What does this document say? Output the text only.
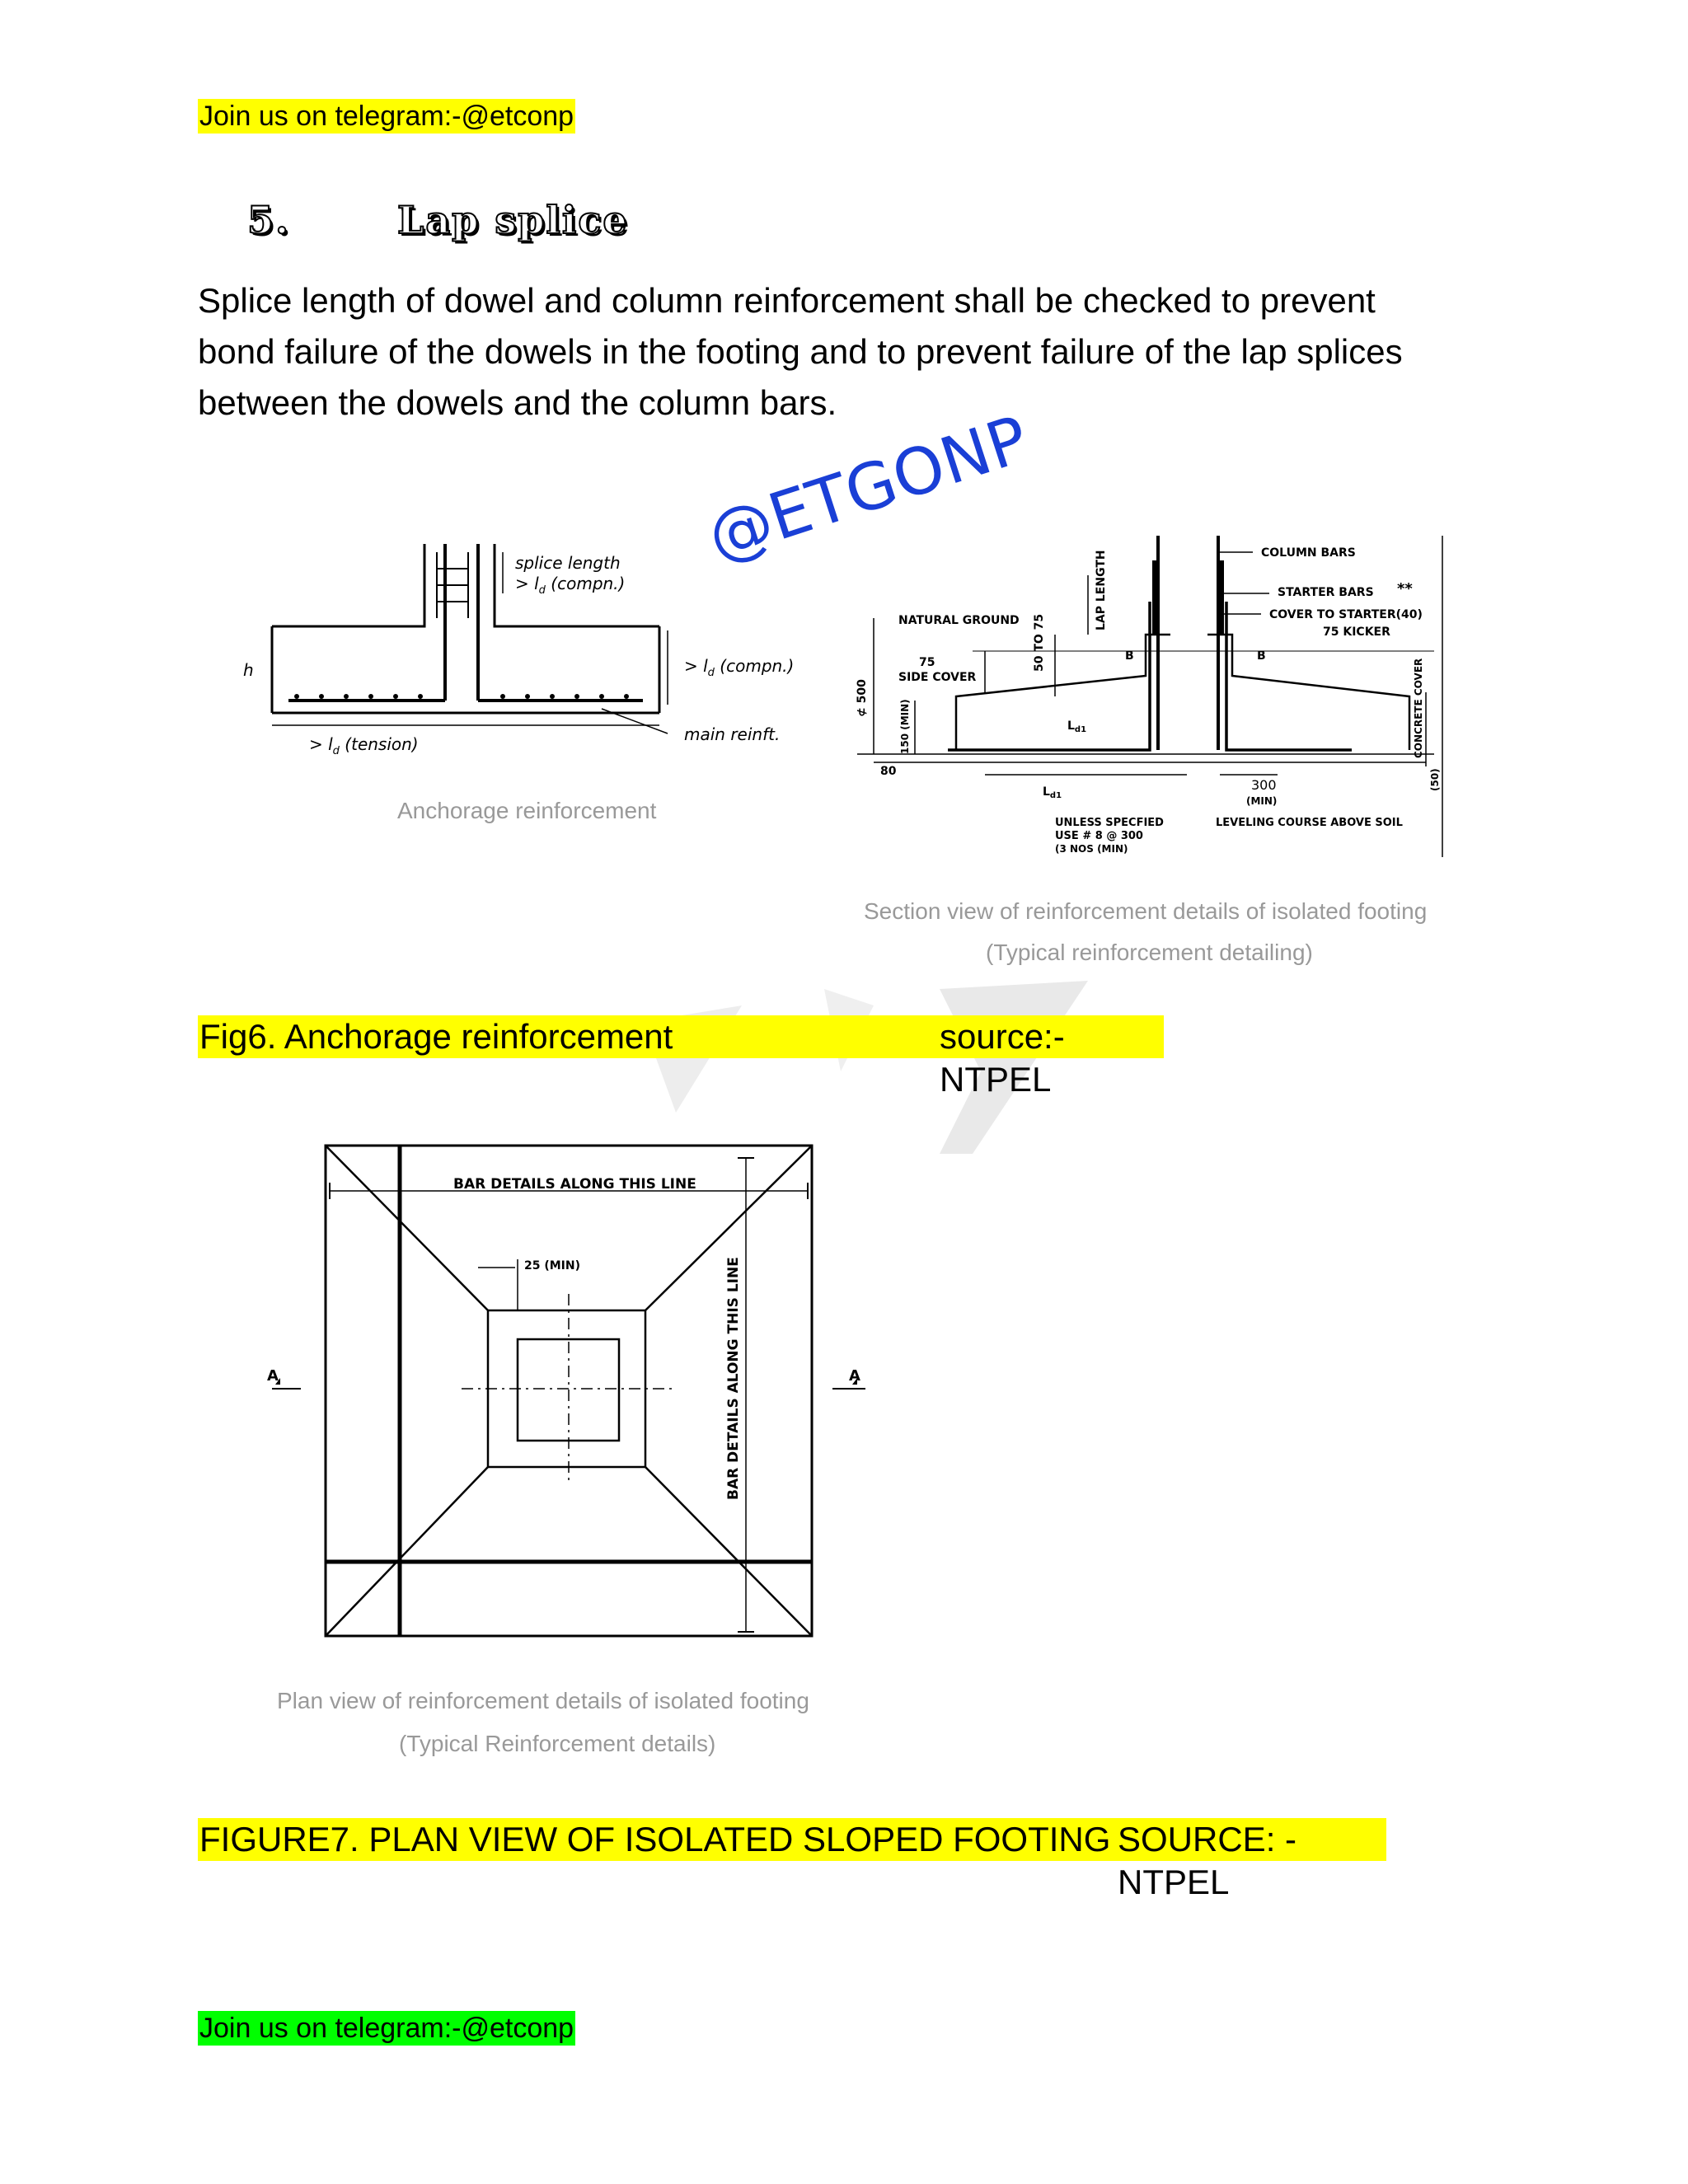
Join us on telegram:-@etconp
5.	Lap splice
Splice length of dowel and column reinforcement shall be checked to prevent
bond failure of the dowels in the footing and to prevent failure of the lap splices
between the dowels and the column bars.
splice length
> $l_d$ (compn.)
> $l_d$ (compn.)
h
> $l_d$ (tension)	main reinft.
Anchorage reinforcement
@ETGONP	COLUMN BARS
STARTER BARS **
COVER TO STARTER(40)
75 KICKER
NATURAL GROUND
75
SIDE COVER
LAP LENGTH
50 TO 75	B	B
⊄ 500
150 (MIN)	$L_{d1}$
$L_{d1}$
80
300
(MIN)
UNLESS SPECFIED
USE # 8 @ 300
(3 NOS (MIN)
LEVELING COURSE ABOVE SOIL
CONCRETE COVER
(50)
Section view of reinforcement details of isolated footing
(Typical reinforcement detailing)
Fig6. Anchorage reinforcement	source:-NTPEL
BAR DETAILS ALONG THIS LINE
BAR DETAILS ALONG THIS LINE
25 (MIN)
A	A
Plan view of reinforcement details of isolated footing
(Typical Reinforcement details)
FIGURE7. PLAN VIEW OF ISOLATED SLOPED FOOTING SOURCE: - NTPEL
Join us on telegram:-@etconp
